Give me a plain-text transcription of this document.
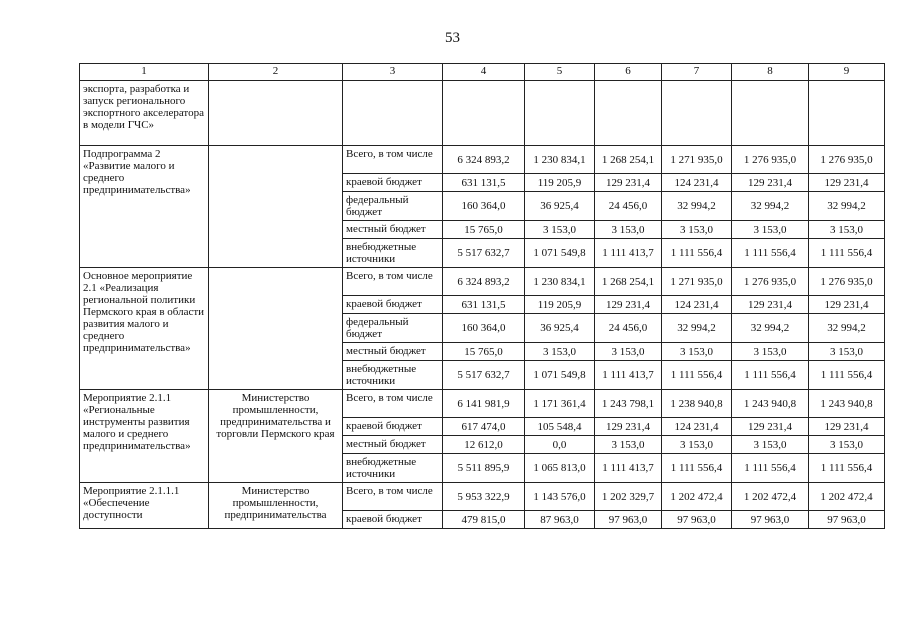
53
1	2	3	4	5	6	7	8	9
экспорта, разработка и запуск регионального экспортного акселератора в модели ГЧС»								
Подпрограмма 2 «Развитие малого и среднего предпринимательства»		Всего, в том числе	6 324 893,2	1 230 834,1	1 268 254,1	1 271 935,0	1 276 935,0	1 276 935,0
		краевой бюджет	631 131,5	119 205,9	129 231,4	124 231,4	129 231,4	129 231,4
		федеральный бюджет	160 364,0	36 925,4	24 456,0	32 994,2	32 994,2	32 994,2
		местный бюджет	15 765,0	3 153,0	3 153,0	3 153,0	3 153,0	3 153,0
		внебюджетные источники	5 517 632,7	1 071 549,8	1 111 413,7	1 111 556,4	1 111 556,4	1 111 556,4
Основное мероприятие 2.1 «Реализация региональной политики Пермского края в области развития малого и среднего предпринимательства»		Всего, в том числе	6 324 893,2	1 230 834,1	1 268 254,1	1 271 935,0	1 276 935,0	1 276 935,0
		краевой бюджет	631 131,5	119 205,9	129 231,4	124 231,4	129 231,4	129 231,4
		федеральный бюджет	160 364,0	36 925,4	24 456,0	32 994,2	32 994,2	32 994,2
		местный бюджет	15 765,0	3 153,0	3 153,0	3 153,0	3 153,0	3 153,0
		внебюджетные источники	5 517 632,7	1 071 549,8	1 111 413,7	1 111 556,4	1 111 556,4	1 111 556,4
Мероприятие 2.1.1 «Региональные инструменты развития малого и среднего предпринимательства»	Министерство промышленности, предпринимательства и торговли Пермского края	Всего, в том числе	6 141 981,9	1 171 361,4	1 243 798,1	1 238 940,8	1 243 940,8	1 243 940,8
		краевой бюджет	617 474,0	105 548,4	129 231,4	124 231,4	129 231,4	129 231,4
		местный бюджет	12 612,0	0,0	3 153,0	3 153,0	3 153,0	3 153,0
		внебюджетные источники	5 511 895,9	1 065 813,0	1 111 413,7	1 111 556,4	1 111 556,4	1 111 556,4
Мероприятие 2.1.1.1 «Обеспечение доступности	Министерство промышленности, предпринимательства	Всего, в том числе	5 953 322,9	1 143 576,0	1 202 329,7	1 202 472,4	1 202 472,4	1 202 472,4
		краевой бюджет	479 815,0	87 963,0	97 963,0	97 963,0	97 963,0	97 963,0
